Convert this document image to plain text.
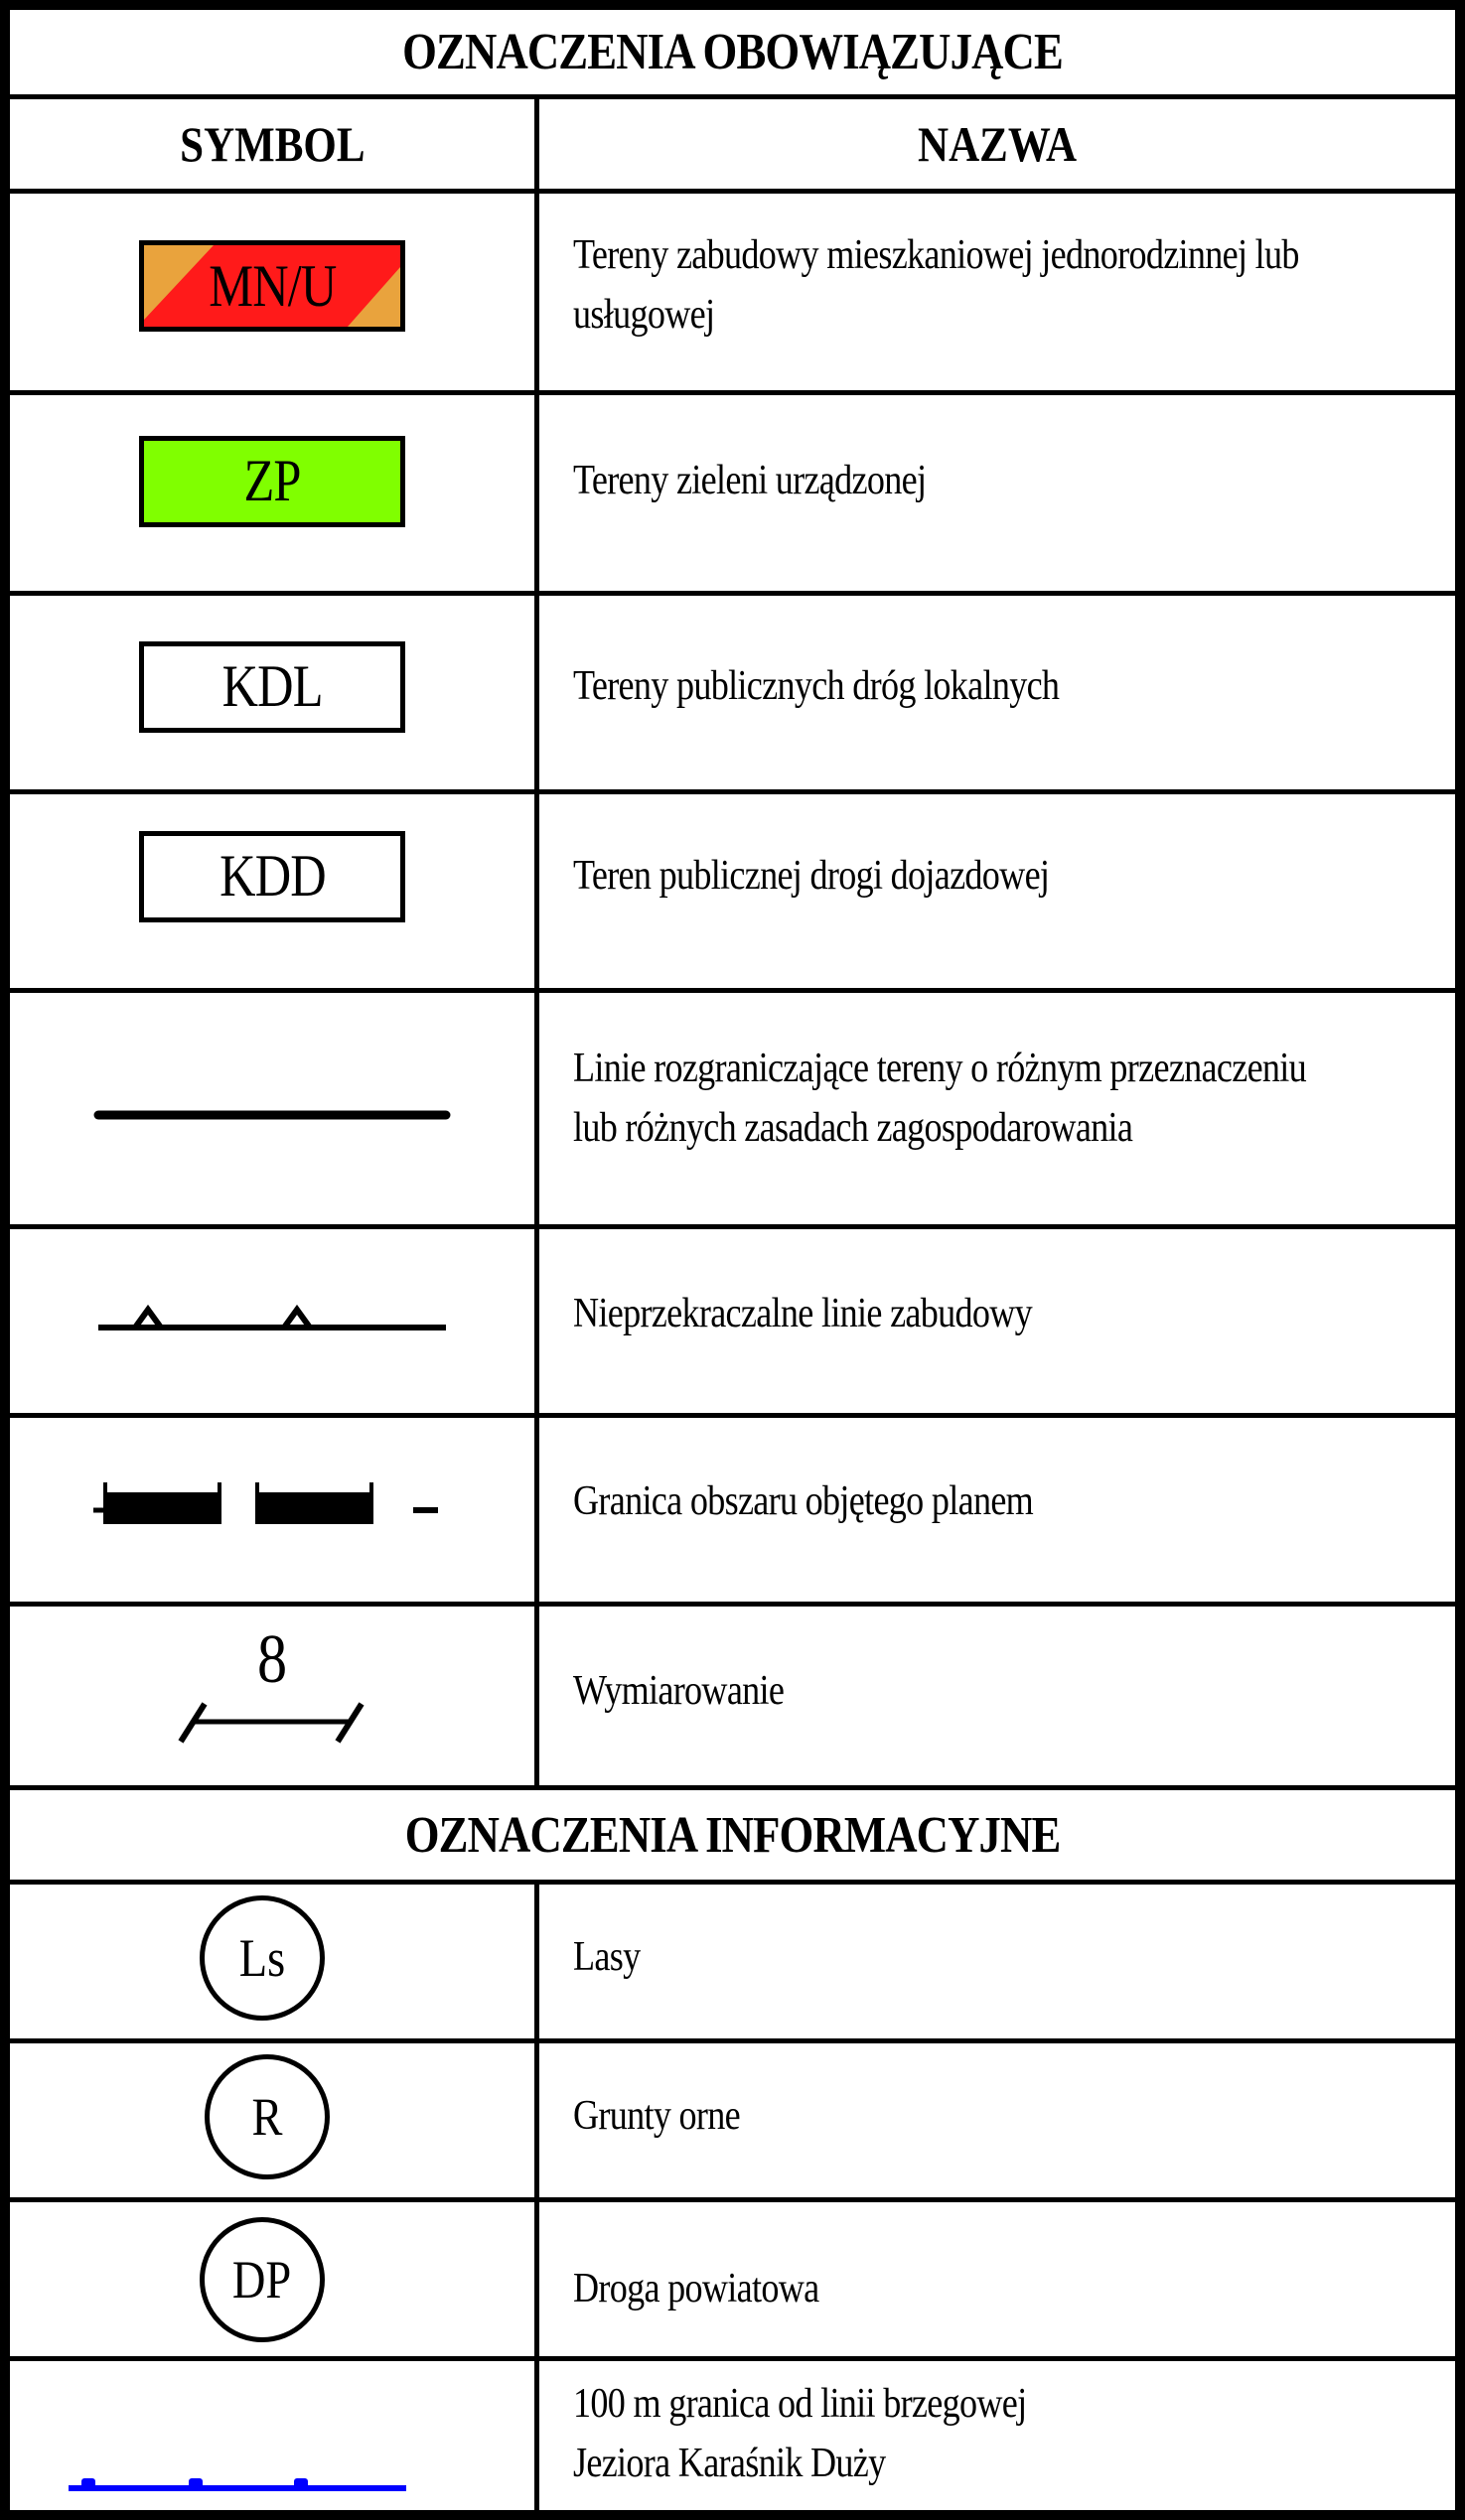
OZNACZENIA OBOWIĄZUJĄCE
SYMBOL	NAZWA
MN/U	Tereny zabudowy mieszkaniowej jednorodzinnej lub
usługowej
ZP	Tereny zieleni urządzonej
KDL	Tereny publicznych dróg lokalnych
KDD	Teren publicznej drogi dojazdowej
Linie rozgraniczające tereny o różnym przeznaczeniu
lub różnych zasadach zagospodarowania
Nieprzekraczalne linie zabudowy
Granica obszaru objętego planem
8	Wymiarowanie
OZNACZENIA INFORMACYJNE
Ls	Lasy
R	Grunty orne
DP	Droga powiatowa
100 m granica od linii brzegowej
Jeziora Karaśnik Duży
